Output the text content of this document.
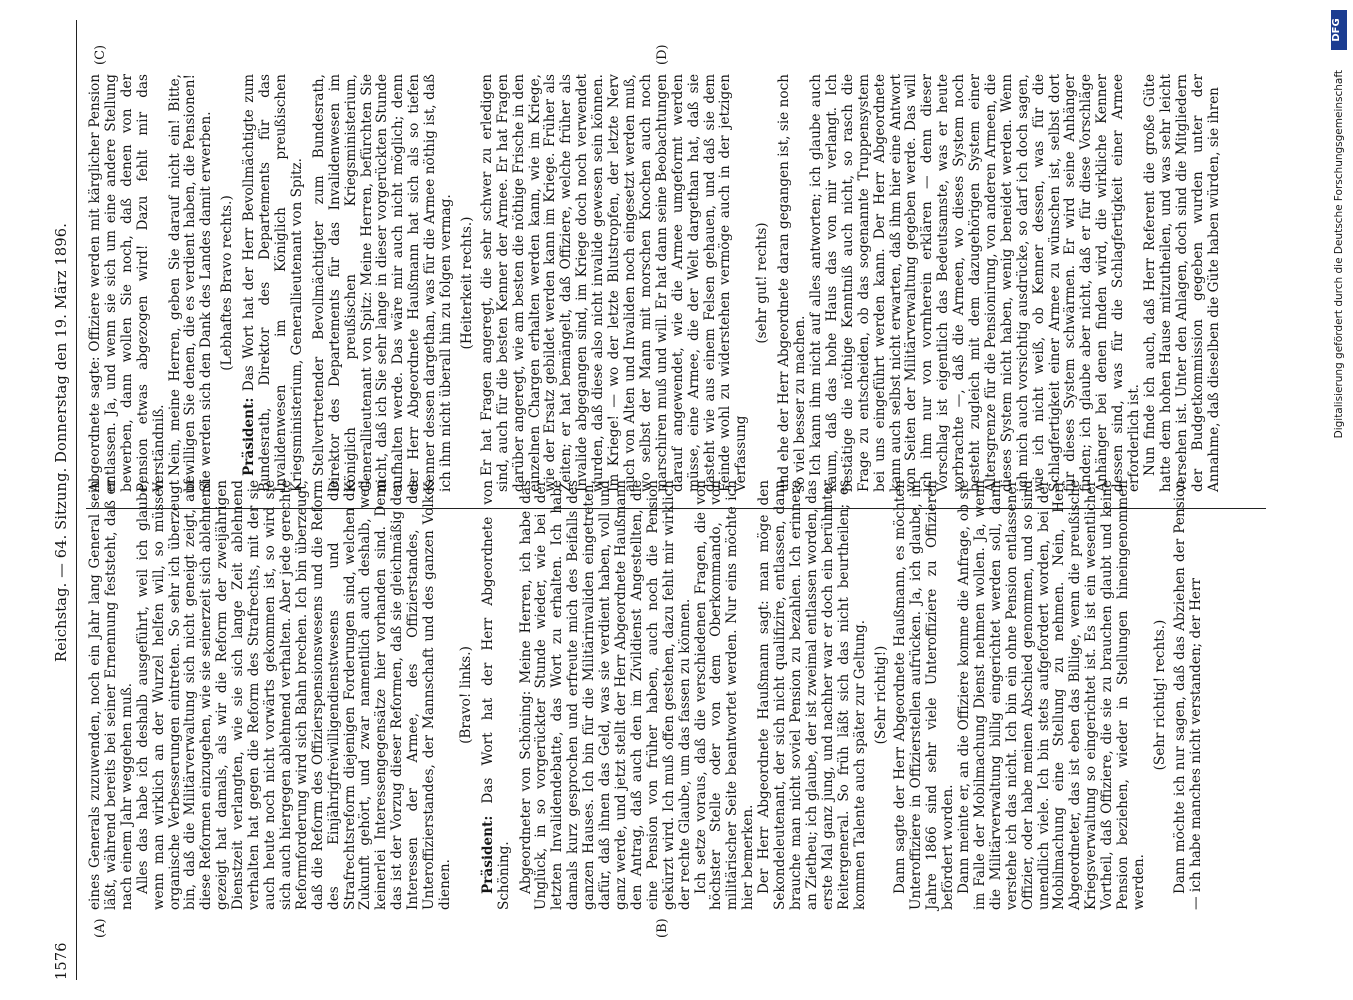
1576
Reichstag. — 64. Sitzung. Donnerstag den 19. März 1896.
(A)	(B)
(C)	(D)

eines Generals zuzuwenden, noch ein Jahr lang General sein läßt, während bereits bei seiner Ernennung feststeht, daß er nach einem Jahr weggehen muß. Alles das habe ich deshalb ausgeführt, weil ich glaube, wenn man wirklich an der Wurzel helfen will, so müssen organische Verbesserungen eintreten. So sehr ich überzeugt bin, daß die Militärverwaltung sich nicht geneigt zeigt, auf diese Reformen einzugehen, wie sie seinerzeit sich ablehnend gezeigt hat damals, als wir die Reform der zweijährigen Dienstzeit verlangten, wie sie sich lange Zeit ablehnend verhalten hat gegen die Reform des Strafrechts, mit der sie auch heute noch nicht vorwärts gekommen ist, so wird sie sich auch hiergegen ablehnend verhalten. Aber jede gerechte Reformforderung wird sich Bahn brechen. Ich bin überzeugt, daß die Reform des Offizierspensionswesens und die Reform des Einjährigfreiwilligendienstwesens und die Strafrechtsreform diejenigen Forderungen sind, welchen die Zukunft gehört, und zwar namentlich auch deshalb, weil keinerlei Interessengegensätze hier vorhanden sind. Denn das ist der Vorzug dieser Reformen, daß sie gleichmäßig den Interessen der Armee, des Offizierstandes, des Unteroffizierstandes, der Mannschaft und des ganzen Volkes dienen.

(Bravo! links.)

Präsident: Das Wort hat der Herr Abgeordnete von Schöning. Abgeordneter von Schöning: Meine Herren, ich habe das Unglück, in so vorgerückter Stunde wieder, wie bei der letzten Invalidendebatte, das Wort zu erhalten. Ich habe damals kurz gesprochen und erfreute mich des Beifalls des ganzen Hauses. Ich bin für die Militärinvaliden eingetreten, dafür, daß ihnen das Geld, was sie verdient haben, voll und ganz werde, und jetzt stellt der Herr Abgeordnete Haußmann den Antrag, daß auch den im Zivildienst Angestellten, die eine Pension von früher haben, auch noch die Pension gekürzt wird. Ich muß offen gestehen, dazu fehlt mir wirklich der rechte Glaube, um das fassen zu können. Ich setze voraus, daß die verschiedenen Fragen, die von höchster Stelle oder von dem Oberkommando, von militärischer Seite beantwortet werden. Nur eins möchte ich hier bemerken. Der Herr Abgeordnete Haußmann sagt: man möge den Sekondeleutenant, der sich nicht qualifizire, entlassen, dann brauche man nicht soviel Pension zu bezahlen. Ich erinnere an Zietheu; ich glaube, der ist zweimal entlassen worden, das erste Mal ganz jung, und nachher war er doch ein berühmter Reitergeneral. So früh läßt sich das nicht beurtheilen; es kommen Talente auch später zur Geltung. (Sehr richtig!) Dann sagte der Herr Abgeordnete Haußmann, es möchten Unteroffiziere in Offizierstellen aufrücken. Ja, ich glaube, im Jahre 1866 sind sehr viele Unteroffiziere zu Offizieren befördert worden. Dann meinte er, an die Offiziere komme die Anfrage, ob sie im Falle der Mobilmachung Dienst nehmen wollen. Ja, wenn die Militärverwaltung billig eingerichtet werden soll, dann verstehe ich das nicht. Ich bin ein ohne Pension entlassener Offizier, oder habe meinen Abschied genommen, und so sind unendlich viele. Ich bin stets aufgefordert worden, bei der Mobilmachung eine Stellung zu nehmen. Nein, Herr Abgeordneter, das ist eben das Billige, wenn die preußische Kriegsverwaltung so eingerichtet ist. Es ist ein wesentlicher Vortheil, daß Offiziere, die sie zu brauchen glaubt und keine Pension beziehen, wieder in Stellungen hineingenommen werden.

(Sehr richtig! rechts.) Dann möchte ich nur sagen, daß das Abziehen der Pension — ich habe manches nicht verstanden; der Herr

Abgeordnete sagte: Offiziere werden mit kärglicher Pension entlassen. Ja, und wenn sie sich um eine andere Stellung bewerben, dann wollen Sie noch, daß denen von der Pension etwas abgezogen wird! Dazu fehlt mir das Verständniß. Nein, meine Herren, geben Sie darauf nicht ein! Bitte, bewilligen Sie denen, die es verdient haben, die Pensionen! Sie werden sich den Dank des Landes damit erwerben. (Lebhaftes Bravo rechts.)

Präsident: Das Wort hat der Herr Bevollmächtigte zum Bundesrath, Direktor des Departements für das Invalidenwesen im Königlich preußischen Kriegsministerium, Generallieutenant von Spitz. Stellvertretender Bevollmächtigter zum Bundesrath, Direktor des Departements für das Invalidenwesen im Königlich preußischen Kriegsministerium, Generallieutenant von Spitz: Meine Herren, befürchten Sie nicht, daß ich Sie sehr lange in dieser vorgerückten Stunde aufhalten werde. Das wäre mir auch nicht möglich; denn der Herr Abgeordnete Haußmann hat sich als so tiefen Kenner dessen dargethan, was für die Armee nöthig ist, daß ich ihm nicht überall hin zu folgen vermag. (Heiterkeit rechts.) Er hat Fragen angeregt, die sehr schwer zu erledigen sind, auch für die besten Kenner der Armee. Er hat Fragen darüber angeregt, wie am besten die nöthige Frische in den einzelnen Chargen erhalten werden kann, wie im Kriege, wie der Ersatz gebildet werden kann im Kriege. Früher als Zeiten; er hat bemängelt, daß Offiziere, welche früher als Invalide abgegangen sind, im Kriege doch noch verwendet wurden, daß diese also nicht invalide gewesen sein können. Im Kriege! — wo der letzte Blutstropfen, der letzte Nerv auch von Alten und Invaliden noch eingesetzt werden muß, wo selbst der Mann mit morschen Knochen auch noch marschiren muß und will. Er hat dann seine Beobachtungen darauf angewendet, wie die Armee umgeformt werden müsse, eine Armee, die der Welt dargethan hat, daß sie dasteht wie aus einem Felsen gehauen, und daß sie dem Feinde wohl zu widerstehen vermöge auch in der jetzigen Verfassung

(sehr gut! rechts) und ehe der Herr Abgeordnete daran gegangen ist, sie noch so viel besser zu machen. Ich kann ihm nicht auf alles antworten; ich glaube auch kaum, daß das hohe Haus das von mir verlangt. Ich bestätige die nöthige Kenntniß auch nicht, so rasch die Frage zu entscheiden, ob das sogenannte Truppensystem bei uns eingeführt werden kann. Der Herr Abgeordnete kann auch selbst nicht erwarten, daß ihm hier eine Antwort von Seiten der Militärverwaltung gegeben werde. Das will ich ihm nur von vornherein erklären — denn dieser Vorschlag ist eigentlich das Bedeutsamste, was er heute vorbrachte —, daß die Armeen, wo dieses System noch besteht zugleich mit dem dazugehörigen System einer Altersgrenze für die Pensionirung, von anderen Armeen, die dieses System nicht haben, wenig beneidet werden. Wenn ich mich auch vorsichtig ausdrücke, so darf ich doch sagen, wie ich nicht weiß, ob Kenner dessen, was für die Schlagfertigkeit einer Armee zu wünschen ist, selbst dort für dieses System schwärmen. Er wird seine Anhänger finden; ich glaube aber nicht, daß er für diese Vorschläge Anhänger bei denen finden wird, die wirkliche Kenner dessen sind, was für die Schlagfertigkeit einer Armee erforderlich ist. Nun finde ich auch, daß Herr Referent die große Güte hatte dem hohen Hause mitzutheilen, und was sehr leicht versehen ist. Unter den Anlagen, doch sind die Mitgliedern der Budgetkommission gegeben wurden unter der Annahme, daß dieselben die Güte haben würden, sie ihren

DFG
Digitalisierung gefördert durch die Deutsche Forschungsgemeinschaft
